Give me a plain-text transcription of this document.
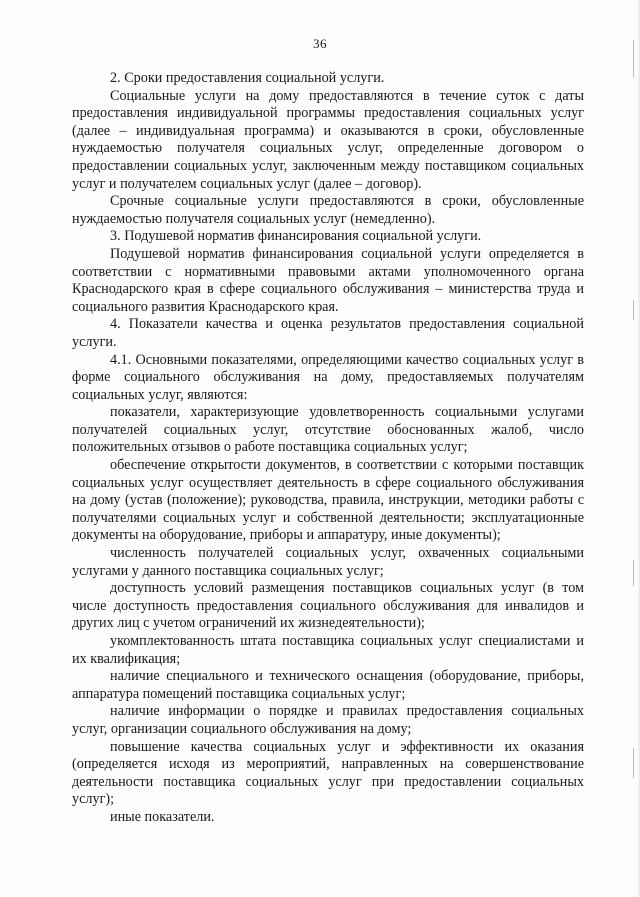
36

2. Сроки предоставления социальной услуги.

Социальные услуги на дому предоставляются в течение суток с даты предоставления индивидуальной программы предоставления социальных услуг (далее – индивидуальная программа) и оказываются в сроки, обусловленные нуждаемостью получателя социальных услуг, определенные договором о предоставлении социальных услуг, заключенным между поставщиком социальных услуг и получателем социальных услуг (далее – договор).

Срочные социальные услуги предоставляются в сроки, обусловленные нуждаемостью получателя социальных услуг (немедленно).

3. Подушевой норматив финансирования социальной услуги.

Подушевой норматив финансирования социальной услуги определяется в соответствии с нормативными правовыми актами уполномоченного органа Краснодарского края в сфере социального обслуживания – министерства труда и социального развития Краснодарского края.

4. Показатели качества и оценка результатов предоставления социальной услуги.

4.1. Основными показателями, определяющими качество социальных услуг в форме социального обслуживания на дому, предоставляемых получателям социальных услуг, являются:

показатели, характеризующие удовлетворенность социальными услугами получателей социальных услуг, отсутствие обоснованных жалоб, число положительных отзывов о работе поставщика социальных услуг;

обеспечение открытости документов, в соответствии с которыми поставщик социальных услуг осуществляет деятельность в сфере социального обслуживания на дому (устав (положение); руководства, правила, инструкции, методики работы с получателями социальных услуг и собственной деятельности; эксплуатационные документы на оборудование, приборы и аппаратуру, иные документы);

численность получателей социальных услуг, охваченных социальными услугами у данного поставщика социальных услуг;

доступность условий размещения поставщиков социальных услуг (в том числе доступность предоставления социального обслуживания для инвалидов и других лиц с учетом ограничений их жизнедеятельности);

укомплектованность штата поставщика социальных услуг специалистами и их квалификация;

наличие специального и технического оснащения (оборудование, приборы, аппаратура помещений поставщика социальных услуг;

наличие информации о порядке и правилах предоставления социальных услуг, организации социального обслуживания на дому;

повышение качества социальных услуг и эффективности их оказания (определяется исходя из мероприятий, направленных на совершенствование деятельности поставщика социальных услуг при предоставлении социальных услуг);

иные показатели.
